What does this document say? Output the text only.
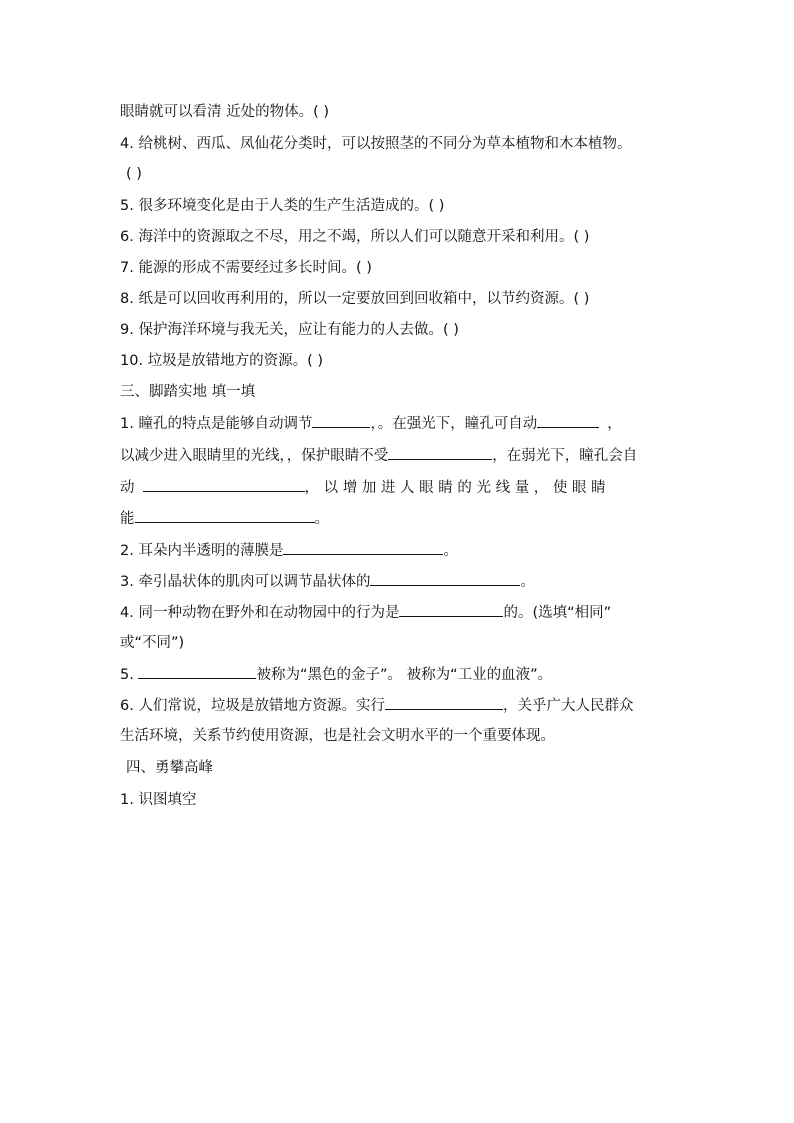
眼睛就可以看清 近处的物体。( )
4. 给桃树、西瓜、凤仙花分类时，可以按照茎的不同分为草本植物和木本植物。
( )
5. 很多环境变化是由于人类的生产生活造成的。( )
6. 海洋中的资源取之不尽，用之不竭，所以人们可以随意开采和利用。( )
7. 能源的形成不需要经过多长时间。( )
8. 纸是可以回收再利用的，所以一定要放回到回收箱中，以节约资源。( )
9. 保护海洋环境与我无关，应让有能力的人去做。( )
10. 垃圾是放错地方的资源。( )
三、脚踏实地 填一填
1. 瞳孔的特点是能够自动调节	，。在强光下，瞳孔可自动	，
以减少进入眼睛里的光线，，保护眼睛不受	，在弱光下，瞳孔会自
动	， 以 增 加 进 人 眼 睛 的 光 线 量 ， 使 眼 睛
能	。
2. 耳朵内半透明的薄膜是	。
3. 牵引晶状体的肌肉可以调节晶状体的	。
4. 同一种动物在野外和在动物园中的行为是	的。(选填“相同”
或“不同”)
5.	被称为“黑色的金子”。 被称为“工业的血液”。
6. 人们常说，垃圾是放错地方资源。实行	，关乎广大人民群众
生活环境，关系节约使用资源，也是社会文明水平的一个重要体现。
四、勇攀高峰
1. 识图填空
